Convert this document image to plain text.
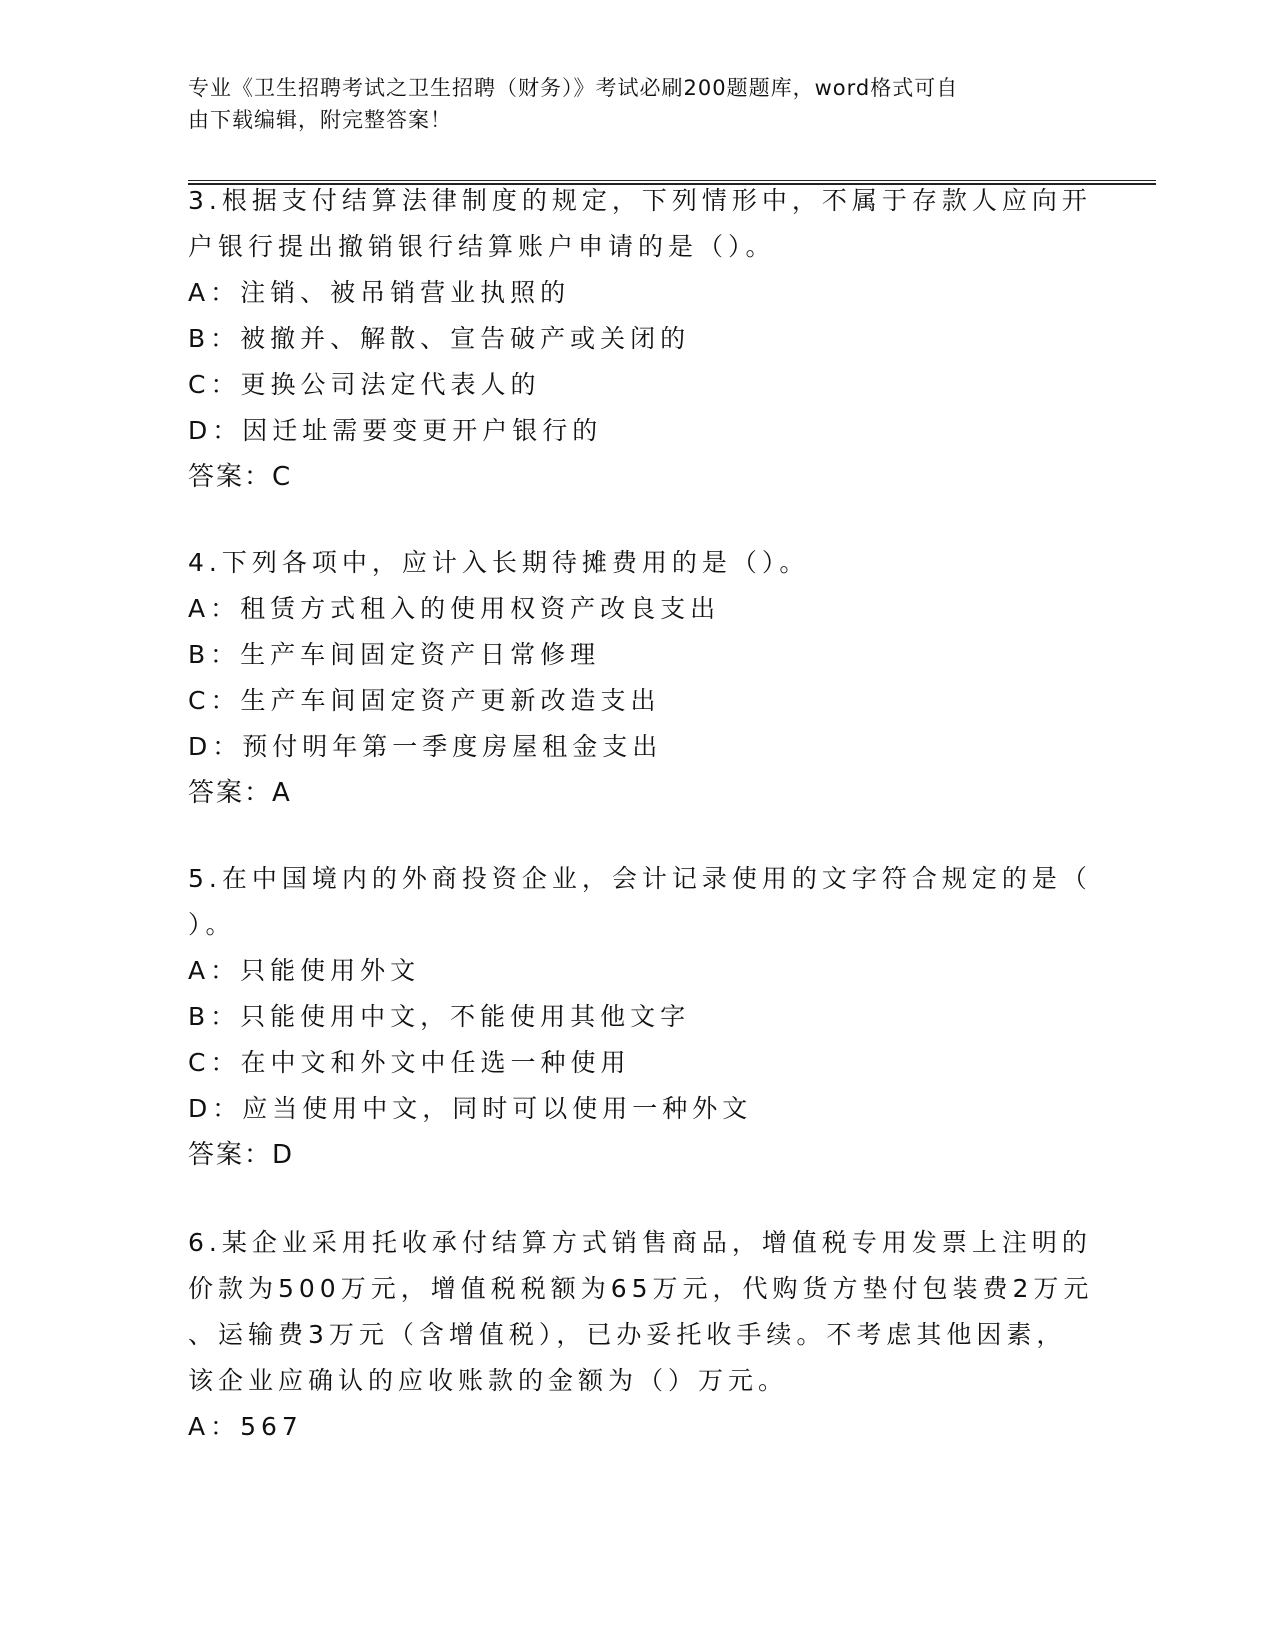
专业《卫生招聘考试之卫生招聘（财务）》考试必刷200题题库，word格式可自
由下载编辑，附完整答案！
3.根据支付结算法律制度的规定，下列情形中，不属于存款人应向开
户银行提出撤销银行结算账户申请的是（）。
A：注销、被吊销营业执照的
B：被撤并、解散、宣告破产或关闭的
C：更换公司法定代表人的
D：因迁址需要变更开户银行的
答案：C
4.下列各项中，应计入长期待摊费用的是（）。
A：租赁方式租入的使用权资产改良支出
B：生产车间固定资产日常修理
C：生产车间固定资产更新改造支出
D：预付明年第一季度房屋租金支出
答案：A
5.在中国境内的外商投资企业，会计记录使用的文字符合规定的是（
）。
A：只能使用外文
B：只能使用中文，不能使用其他文字
C：在中文和外文中任选一种使用
D：应当使用中文，同时可以使用一种外文
答案：D
6.某企业采用托收承付结算方式销售商品，增值税专用发票上注明的
价款为500万元，增值税税额为65万元，代购货方垫付包装费2万元
、运输费3万元（含增值税），已办妥托收手续。不考虑其他因素，
该企业应确认的应收账款的金额为（）万元。
A：567
